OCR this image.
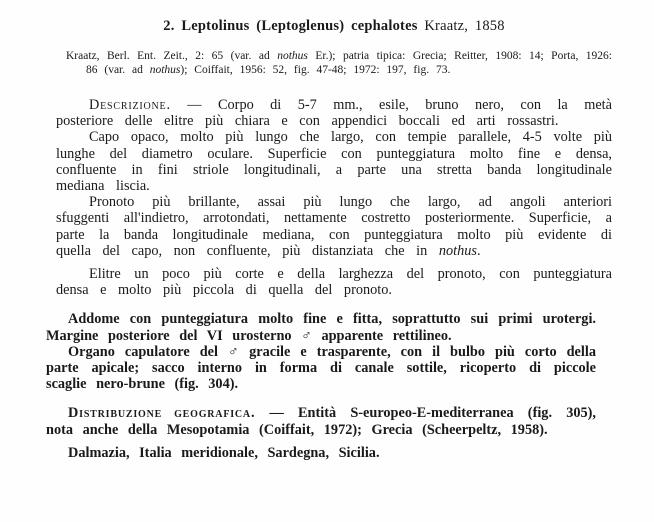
2. Leptolinus (Leptoglenus) cephalotes Kraatz, 1858

Kraatz, Berl. Ent. Zeit., 2: 65 (var. ad nothus Er.); patria tipica: Grecia; Reitter, 1908: 14; Porta, 1926: 86 (var. ad nothus); Coiffait, 1956: 52, fig. 47-48; 1972: 197, fig. 73.

Descrizione. — Corpo di 5-7 mm., esile, bruno nero, con la metà posteriore delle elitre più chiara e con appendici boccali ed arti rossastri.

Capo opaco, molto più lungo che largo, con tempie parallele, 4-5 volte più lunghe del diametro oculare. Superficie con punteggiatura molto fine e densa, confluente in fini striole longitudinali, a parte una stretta banda longitudinale mediana liscia.

Pronoto più brillante, assai più lungo che largo, ad angoli anteriori sfuggenti all'indietro, arrotondati, nettamente costretto posteriormente. Superficie, a parte la banda longitudinale mediana, con punteggiatura molto più evidente di quella del capo, non confluente, più distanziata che in nothus.

Elitre un poco più corte e della larghezza del pronoto, con punteggiatura densa e molto più piccola di quella del pronoto.

Addome con punteggiatura molto fine e fitta, soprattutto sui primi urotergi. Margine posteriore del VI urosterno ♂ apparente rettilineo.

Organo capulatore del ♂ gracile e trasparente, con il bulbo più corto della parte apicale; sacco interno in forma di canale sottile, ricoperto di piccole scaglie nero-brune (fig. 304).

Distribuzione geografica. — Entità S-europeo-E-mediterranea (fig. 305), nota anche della Mesopotamia (Coiffait, 1972); Grecia (Scheerpeltz, 1958).

Dalmazia, Italia meridionale, Sardegna, Sicilia.
